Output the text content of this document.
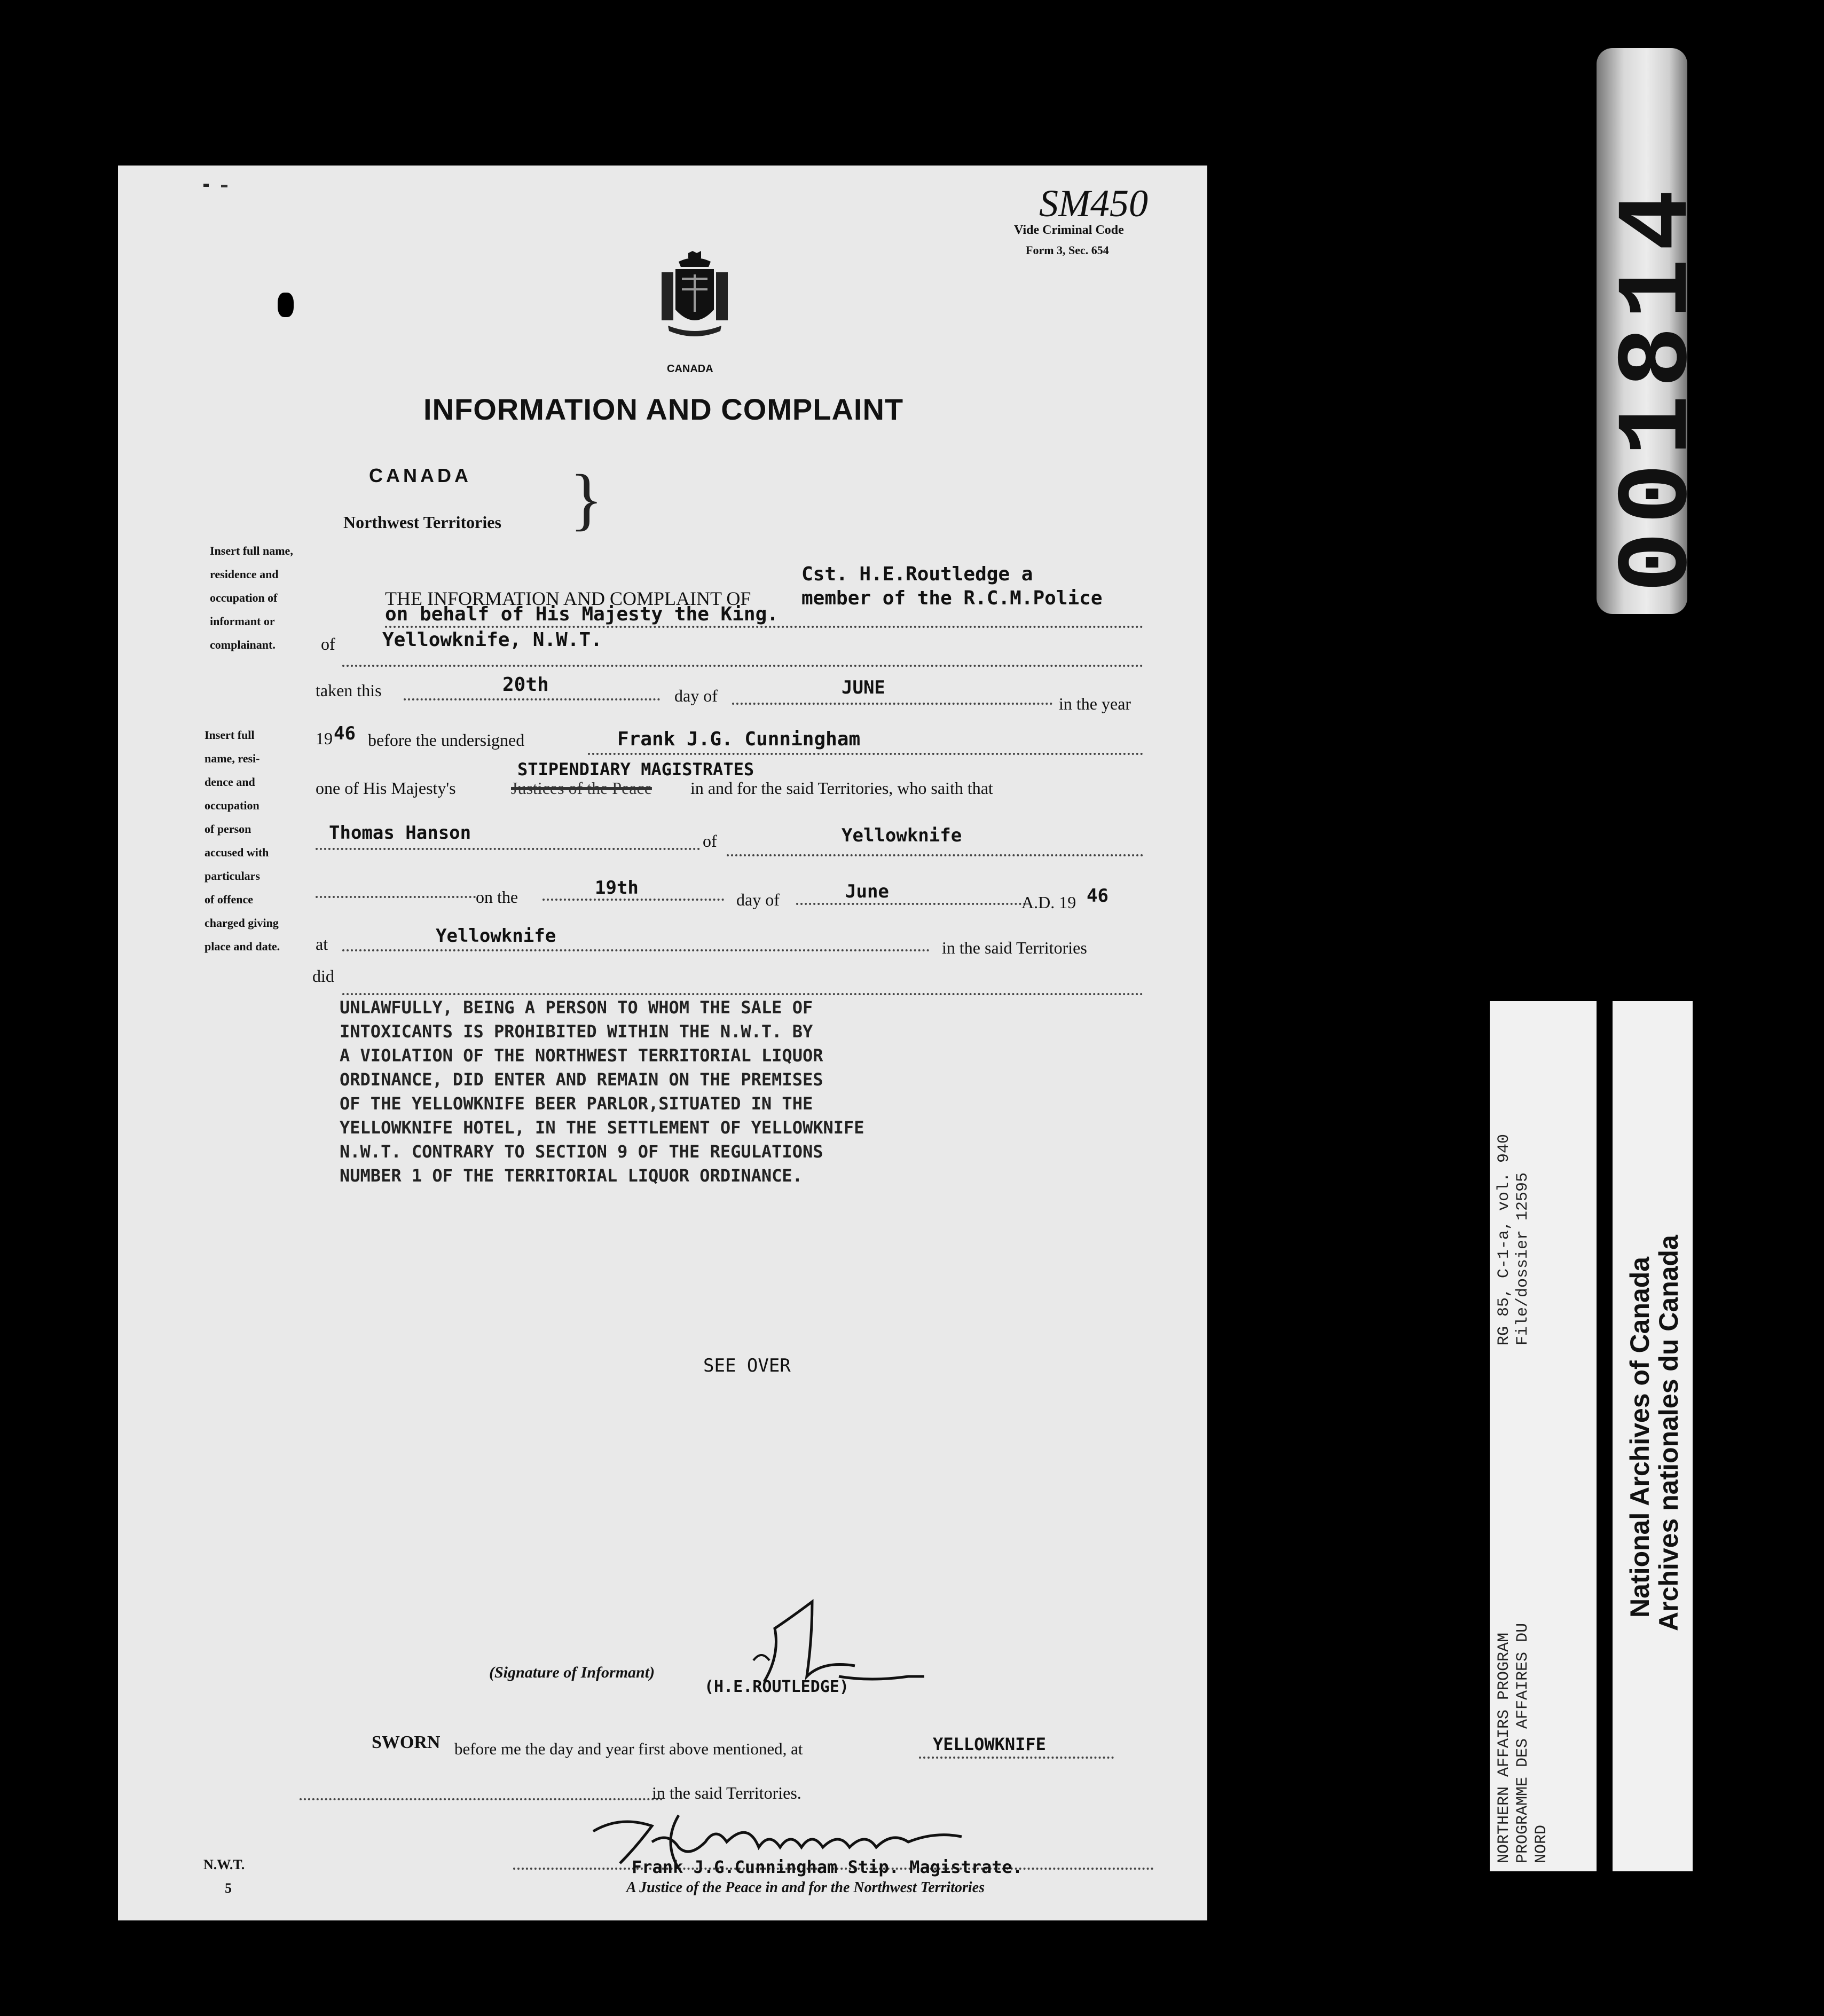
SM450
Vide Criminal Code
Form 3, Sec. 654
CANADA
INFORMATION AND COMPLAINT
CANADA
Northwest Territories }
Insert full name,
residence and
occupation of
informant or
complainant.
Insert full
name, resi-
dence and
occupation
of person
accused with
particulars
of offence
charged giving
place and date.
Cst. H.E.Routledge a
THE INFORMATION AND COMPLAINT OF	member of the R.C.M.Police
on behalf of His Majesty the King.
of Yellowknife, N.W.T.
taken this	20th	day of	JUNE
in the year
19 46 before the undersigned	Frank J.G. Cunningham
STIPENDIARY MAGISTRATES
one of His Majesty's	Justices of the Peace in and for the said Territories, who saith that
Thomas Hanson	of	Yellowknife
on the	19th
day of	June	A.D. 19 46
at	Yellowknife
in the said Territories
did
UNLAWFULLY, BEING A PERSON TO WHOM THE SALE OF
INTOXICANTS IS PROHIBITED WITHIN THE N.W.T. BY
A VIOLATION OF THE NORTHWEST TERRITORIAL LIQUOR
ORDINANCE, DID ENTER AND REMAIN ON THE PREMISES
OF THE YELLOWKNIFE BEER PARLOR,SITUATED IN THE
YELLOWKNIFE HOTEL, IN THE SETTLEMENT OF YELLOWKNIFE
N.W.T. CONTRARY TO SECTION 9 OF THE REGULATIONS
NUMBER 1 OF THE TERRITORIAL LIQUOR ORDINANCE.
SEE OVER
(Signature of Informant)
(H.E.ROUTLEDGE)
SWORN before me the day and year first above mentioned, at	YELLOWKNIFE
in the said Territories.
Frank J.G.Cunningham Stip. Magistrate.
A Justice of the Peace in and for the Northwest Territories
N.W.T.
5
001814
NORTHERN AFFAIRS PROGRAM PROGRAMME DES AFFAIRES DU NORD
RG 85, C-1-a, vol. 940 File/dossier 12595	National Archives of Canada
Archives nationales du Canada
